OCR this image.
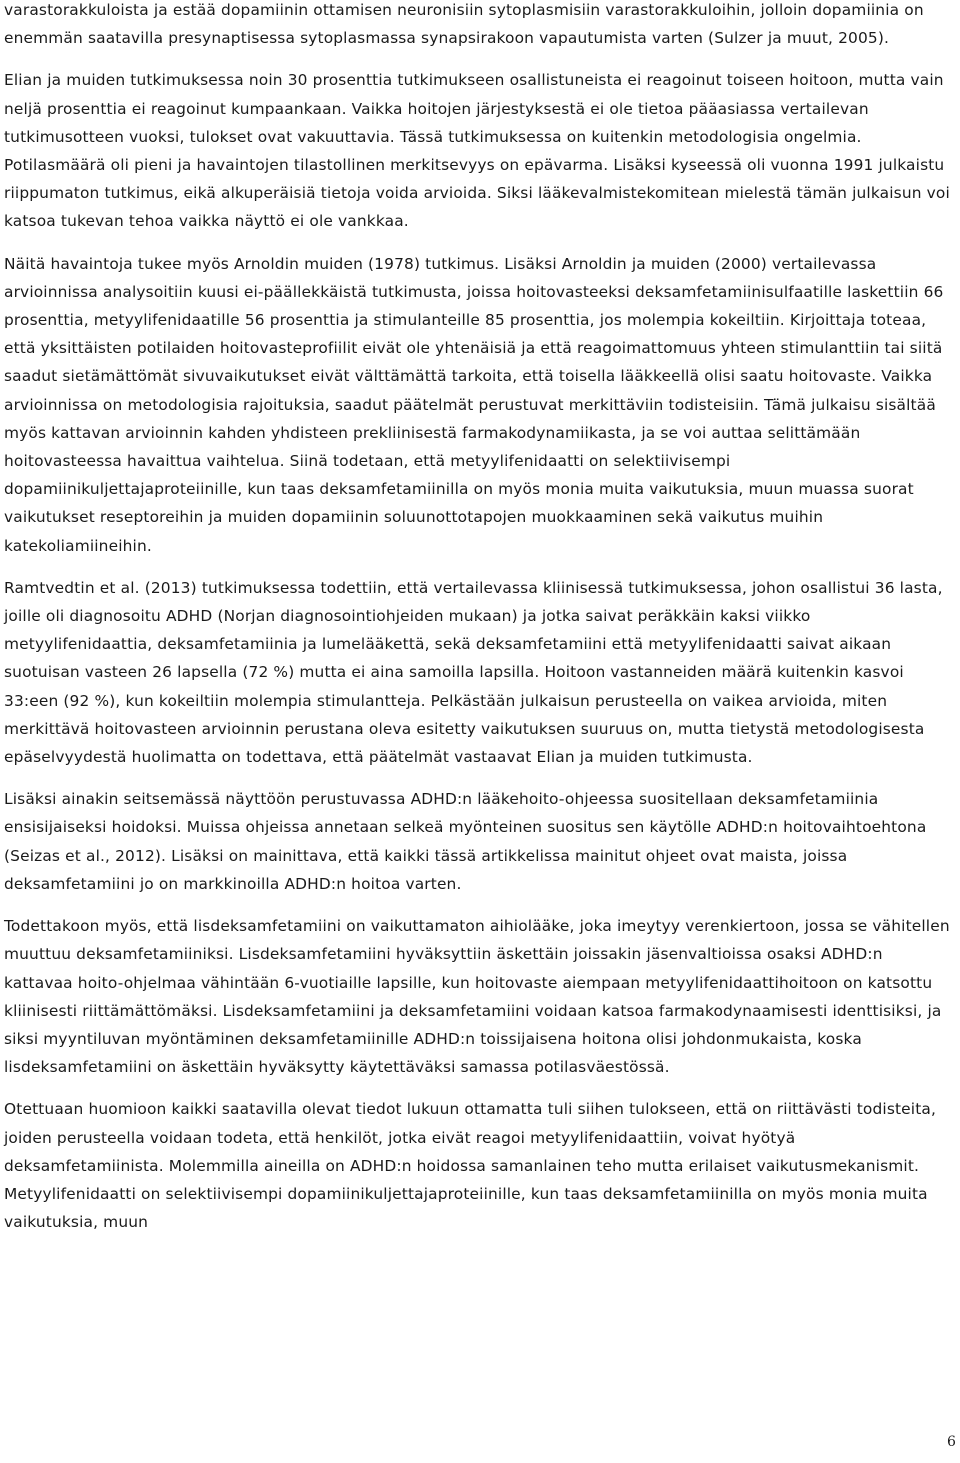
varastorakkuloista ja estää dopamiinin ottamisen neuronisiin sytoplasmisiin varastorakkuloihin, jolloin dopamiinia on enemmän saatavilla presynaptisessa sytoplasmassa synapsirakoon vapautumista varten (Sulzer ja muut, 2005).

Elian ja muiden tutkimuksessa noin 30 prosenttia tutkimukseen osallistuneista ei reagoinut toiseen hoitoon, mutta vain neljä prosenttia ei reagoinut kumpaankaan. Vaikka hoitojen järjestyksestä ei ole tietoa pääasiassa vertailevan tutkimusotteen vuoksi, tulokset ovat vakuuttavia. Tässä tutkimuksessa on kuitenkin metodologisia ongelmia. Potilasmäärä oli pieni ja havaintojen tilastollinen merkitsevyys on epävarma. Lisäksi kyseessä oli vuonna 1991 julkaistu riippumaton tutkimus, eikä alkuperäisiä tietoja voida arvioida. Siksi lääkevalmistekomitean mielestä tämän julkaisun voi katsoa tukevan tehoa vaikka näyttö ei ole vankkaa.

Näitä havaintoja tukee myös Arnoldin muiden (1978) tutkimus. Lisäksi Arnoldin ja muiden (2000) vertailevassa arvioinnissa analysoitiin kuusi ei-päällekkäistä tutkimusta, joissa hoitovasteeksi deksamfetamiinisulfaatille laskettiin 66 prosenttia, metyylifenidaatille 56 prosenttia ja stimulanteille 85 prosenttia, jos molempia kokeiltiin. Kirjoittaja toteaa, että yksittäisten potilaiden hoitovasteprofiilit eivät ole yhtenäisiä ja että reagoimattomuus yhteen stimulanttiin tai siitä saadut sietämättömät sivuvaikutukset eivät välttämättä tarkoita, että toisella lääkkeellä olisi saatu hoitovaste. Vaikka arvioinnissa on metodologisia rajoituksia, saadut päätelmät perustuvat merkittäviin todisteisiin. Tämä julkaisu sisältää myös kattavan arvioinnin kahden yhdisteen prekliinisestä farmakodynamiikasta, ja se voi auttaa selittämään hoitovasteessa havaittua vaihtelua. Siinä todetaan, että metyylifenidaatti on selektiivisempi dopamiinikuljettajaproteiinille, kun taas deksamfetamiinilla on myös monia muita vaikutuksia, muun muassa suorat vaikutukset reseptoreihin ja muiden dopamiinin soluunottotapojen muokkaaminen sekä vaikutus muihin katekoliamiineihin.

Ramtvedtin et al. (2013) tutkimuksessa todettiin, että vertailevassa kliinisessä tutkimuksessa, johon osallistui 36 lasta, joille oli diagnosoitu ADHD (Norjan diagnosointiohjeiden mukaan) ja jotka saivat peräkkäin kaksi viikko metyylifenidaattia, deksamfetamiinia ja lumelääkettä, sekä deksamfetamiini että metyylifenidaatti saivat aikaan suotuisan vasteen 26 lapsella (72 %) mutta ei aina samoilla lapsilla. Hoitoon vastanneiden määrä kuitenkin kasvoi 33:een (92 %), kun kokeiltiin molempia stimulantteja. Pelkästään julkaisun perusteella on vaikea arvioida, miten merkittävä hoitovasteen arvioinnin perustana oleva esitetty vaikutuksen suuruus on, mutta tietystä metodologisesta epäselvyydestä huolimatta on todettava, että päätelmät vastaavat Elian ja muiden tutkimusta.

Lisäksi ainakin seitsemässä näyttöön perustuvassa ADHD:n lääkehoito-ohjeessa suositellaan deksamfetamiinia ensisijaiseksi hoidoksi. Muissa ohjeissa annetaan selkeä myönteinen suositus sen käytölle ADHD:n hoitovaihtoehtona (Seizas et al., 2012). Lisäksi on mainittava, että kaikki tässä artikkelissa mainitut ohjeet ovat maista, joissa deksamfetamiini jo on markkinoilla ADHD:n hoitoa varten.

Todettakoon myös, että lisdeksamfetamiini on vaikuttamaton aihiolääke, joka imeytyy verenkiertoon, jossa se vähitellen muuttuu deksamfetamiiniksi. Lisdeksamfetamiini hyväksyttiin äskettäin joissakin jäsenvaltioissa osaksi ADHD:n kattavaa hoito-ohjelmaa vähintään 6-vuotiaille lapsille, kun hoitovaste aiempaan metyylifenidaattihoitoon on katsottu kliinisesti riittämättömäksi. Lisdeksamfetamiini ja deksamfetamiini voidaan katsoa farmakodynaamisesti identtisiksi, ja siksi myyntiluvan myöntäminen deksamfetamiinille ADHD:n toissijaisena hoitona olisi johdonmukaista, koska lisdeksamfetamiini on äskettäin hyväksytty käytettäväksi samassa potilasväestössä.

Otettuaan huomioon kaikki saatavilla olevat tiedot lukuun ottamatta tuli siihen tulokseen, että on riittävästi todisteita, joiden perusteella voidaan todeta, että henkilöt, jotka eivät reagoi metyylifenidaattiin, voivat hyötyä deksamfetamiinista. Molemmilla aineilla on ADHD:n hoidossa samanlainen teho mutta erilaiset vaikutusmekanismit. Metyylifenidaatti on selektiivisempi dopamiinikuljettajaproteiinille, kun taas deksamfetamiinilla on myös monia muita vaikutuksia, muun

6
